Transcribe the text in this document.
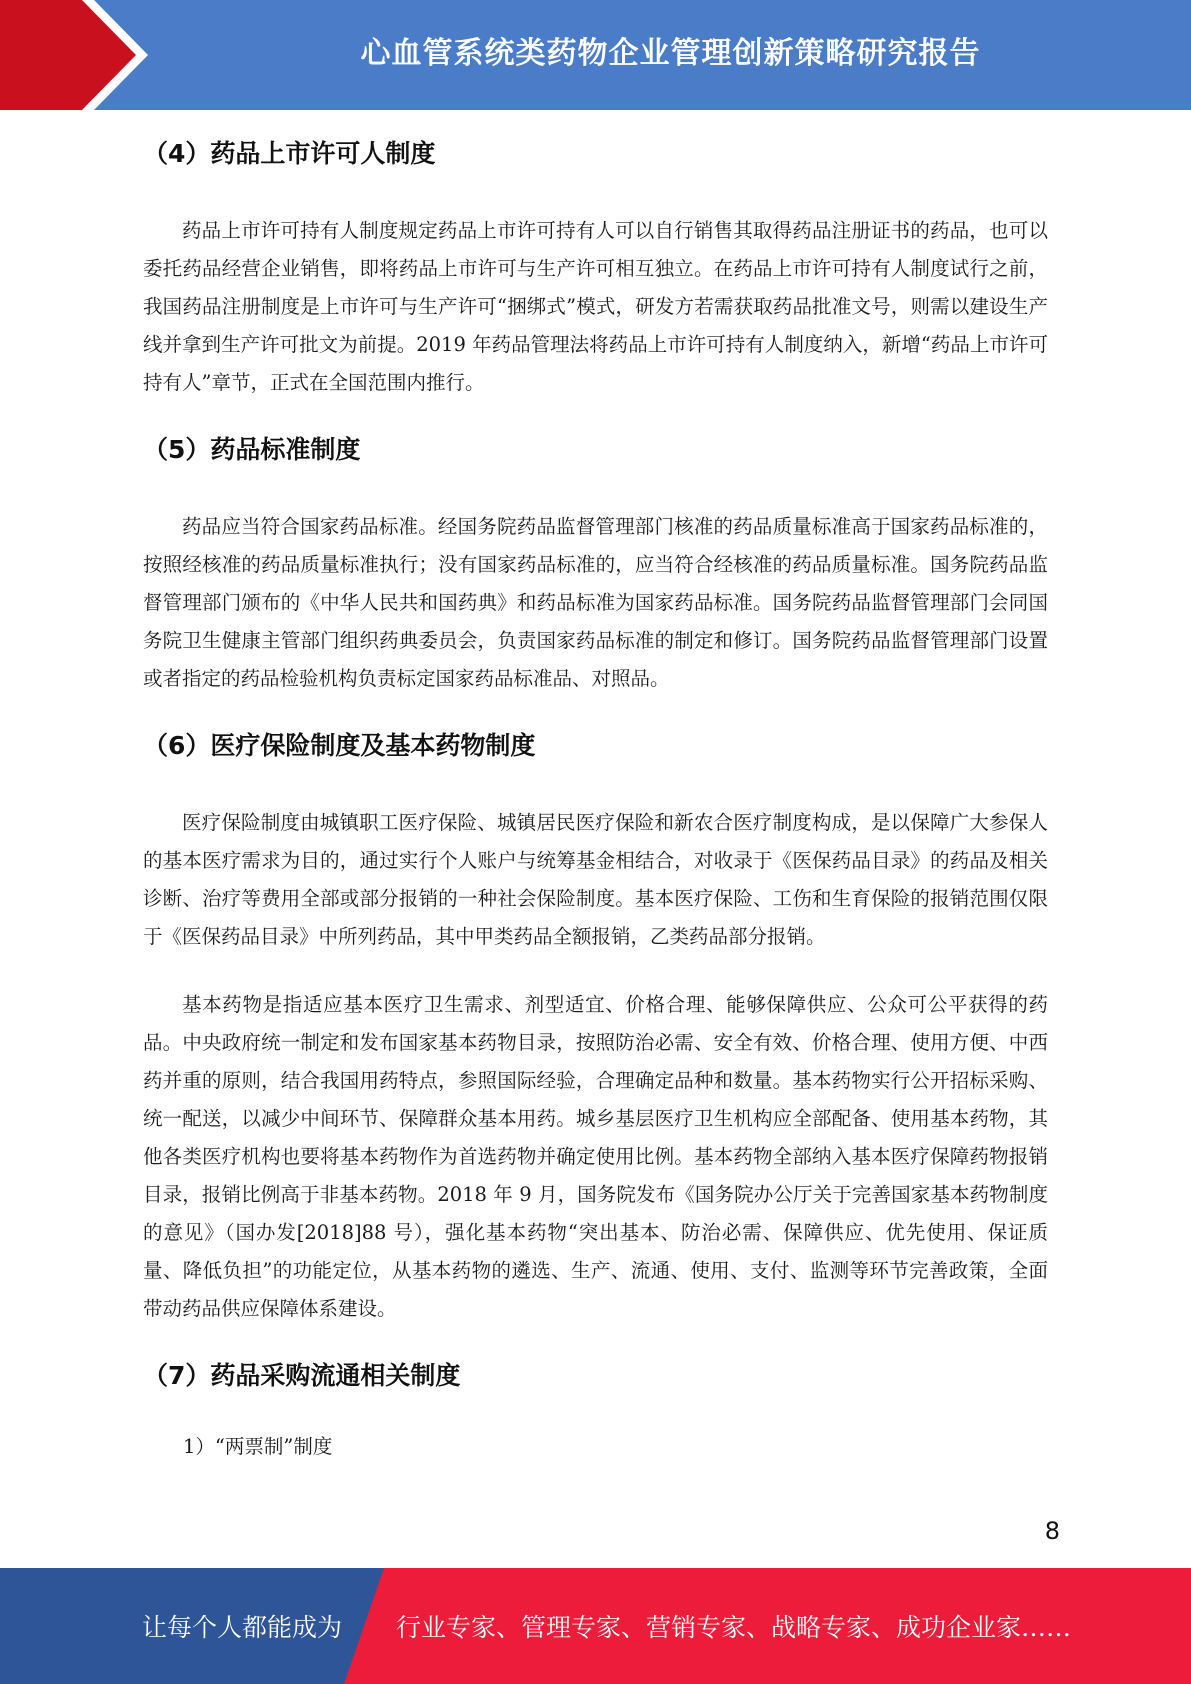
心血管系统类药物企业管理创新策略研究报告
（4）药品上市许可人制度

药品上市许可持有人制度规定药品上市许可持有人可以自行销售其取得药品注册证书的药品，也可以委托药品经营企业销售，即将药品上市许可与生产许可相互独立。在药品上市许可持有人制度试行之前，我国药品注册制度是上市许可与生产许可“捆绑式”模式，研发方若需获取药品批准文号，则需以建设生产线并拿到生产许可批文为前提。2019 年药品管理法将药品上市许可持有人制度纳入，新增“药品上市许可持有人”章节，正式在全国范围内推行。

（5）药品标准制度

药品应当符合国家药品标准。经国务院药品监督管理部门核准的药品质量标准高于国家药品标准的，按照经核准的药品质量标准执行；没有国家药品标准的，应当符合经核准的药品质量标准。国务院药品监督管理部门颁布的《中华人民共和国药典》和药品标准为国家药品标准。国务院药品监督管理部门会同国务院卫生健康主管部门组织药典委员会，负责国家药品标准的制定和修订。国务院药品监督管理部门设置或者指定的药品检验机构负责标定国家药品标准品、对照品。

（6）医疗保险制度及基本药物制度

医疗保险制度由城镇职工医疗保险、城镇居民医疗保险和新农合医疗制度构成，是以保障广大参保人的基本医疗需求为目的，通过实行个人账户与统筹基金相结合，对收录于《医保药品目录》的药品及相关诊断、治疗等费用全部或部分报销的一种社会保险制度。基本医疗保险、工伤和生育保险的报销范围仅限于《医保药品目录》中所列药品，其中甲类药品全额报销，乙类药品部分报销。

基本药物是指适应基本医疗卫生需求、剂型适宜、价格合理、能够保障供应、公众可公平获得的药品。中央政府统一制定和发布国家基本药物目录，按照防治必需、安全有效、价格合理、使用方便、中西药并重的原则，结合我国用药特点，参照国际经验，合理确定品种和数量。基本药物实行公开招标采购、统一配送，以减少中间环节、保障群众基本用药。城乡基层医疗卫生机构应全部配备、使用基本药物，其他各类医疗机构也要将基本药物作为首选药物并确定使用比例。基本药物全部纳入基本医疗保障药物报销目录，报销比例高于非基本药物。2018 年 9 月，国务院发布《国务院办公厅关于完善国家基本药物制度的意见》（国办发[2018]88 号），强化基本药物“突出基本、防治必需、保障供应、优先使用、保证质量、降低负担”的功能定位，从基本药物的遴选、生产、流通、使用、支付、监测等环节完善政策，全面带动药品供应保障体系建设。

（7）药品采购流通相关制度
1）“两票制”制度
8
让每个人都能成为 行业专家、管理专家、营销专家、战略专家、成功企业家……
